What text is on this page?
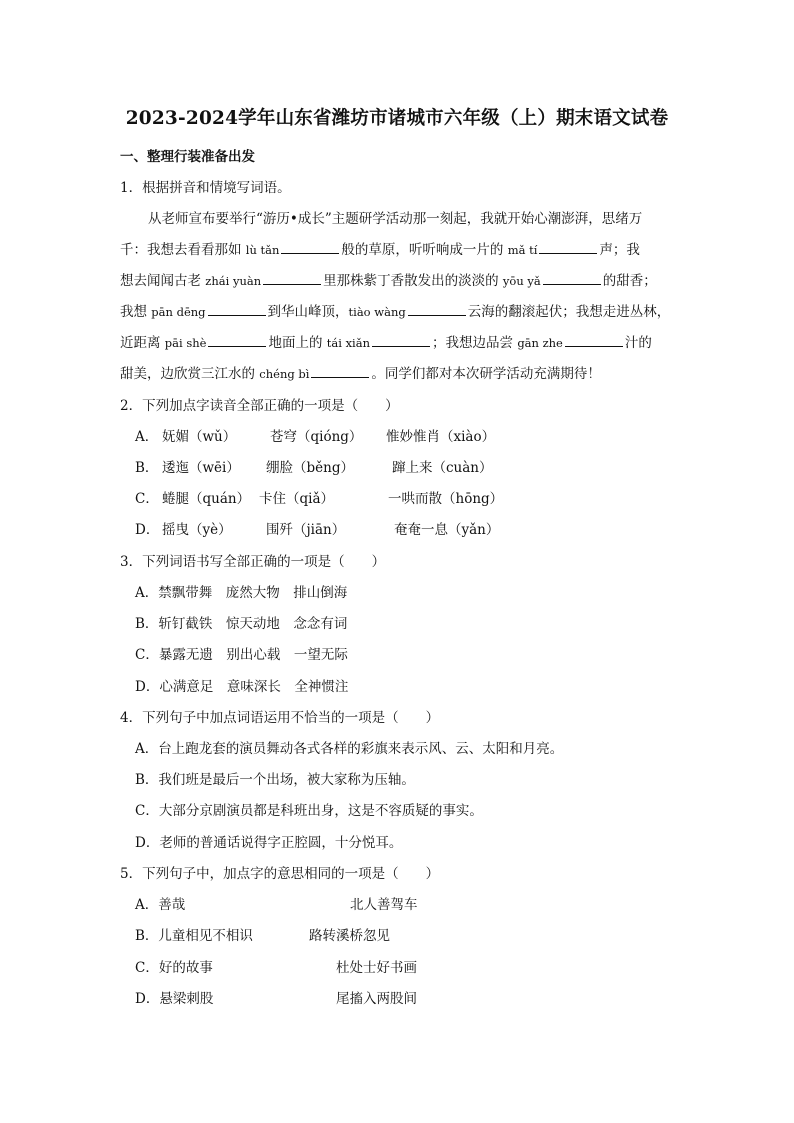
2023-2024学年山东省潍坊市诸城市六年级（上）期末语文试卷
一、整理行装准备出发
1．根据拼音和情境写词语。
从老师宣布要举行“游历•成长”主题研学活动那一刻起，我就开始心潮澎湃，思绪万
千：我想去看看那如 lù tǎn	般的草原，听听响成一片的 mǎ tí	声；我
想去闻闻古老 zhái yuàn	里那株紫丁香散发出的淡淡的 yōu yǎ	的甜香；
我想 pān dēng	到华山峰顶，tiào wàng	云海的翻滚起伏；我想走进丛林，
近距离 pāi shè	地面上的 tái xiǎn	；我想边品尝 gān zhe	汁的
甜美，边欣赏三江水的 chéng bì	。同学们都对本次研学活动充满期待！
2．下列加点字读音全部正确的一项是（　　）
A． 妩媚（wǔ）	苍穹（qióng） 惟妙惟肖（xiào）
B． 逶迤（wēi） 绷脸（běng）	蹿上来（cuàn）
C． 蜷腿（quán） 卡住（qiǎ）	一哄而散（hōng）
D． 摇曳（yè）	围歼（jiān）	奄奄一息（yǎn）
3．下列词语书写全部正确的一项是（　　）
A．禁飘带舞　庞然大物　排山倒海
B．斩钉截铁　惊天动地　念念有词
C．暴露无遗　别出心载　一望无际
D．心满意足　意味深长　全神惯注
4．下列句子中加点词语运用不恰当的一项是（　　）
A．台上跑龙套的演员舞动各式各样的彩旗来表示风、云、太阳和月亮。
B．我们班是最后一个出场，被大家称为压轴。
C．大部分京剧演员都是科班出身，这是不容质疑的事实。
D．老师的普通话说得字正腔圆，十分悦耳。
5．下列句子中，加点字的意思相同的一项是（　　）
A．善哉	北人善驾车
B．儿童相见不相识	路转溪桥忽见
C．好的故事	杜处士好书画
D．悬梁刺股	尾搐入两股间
